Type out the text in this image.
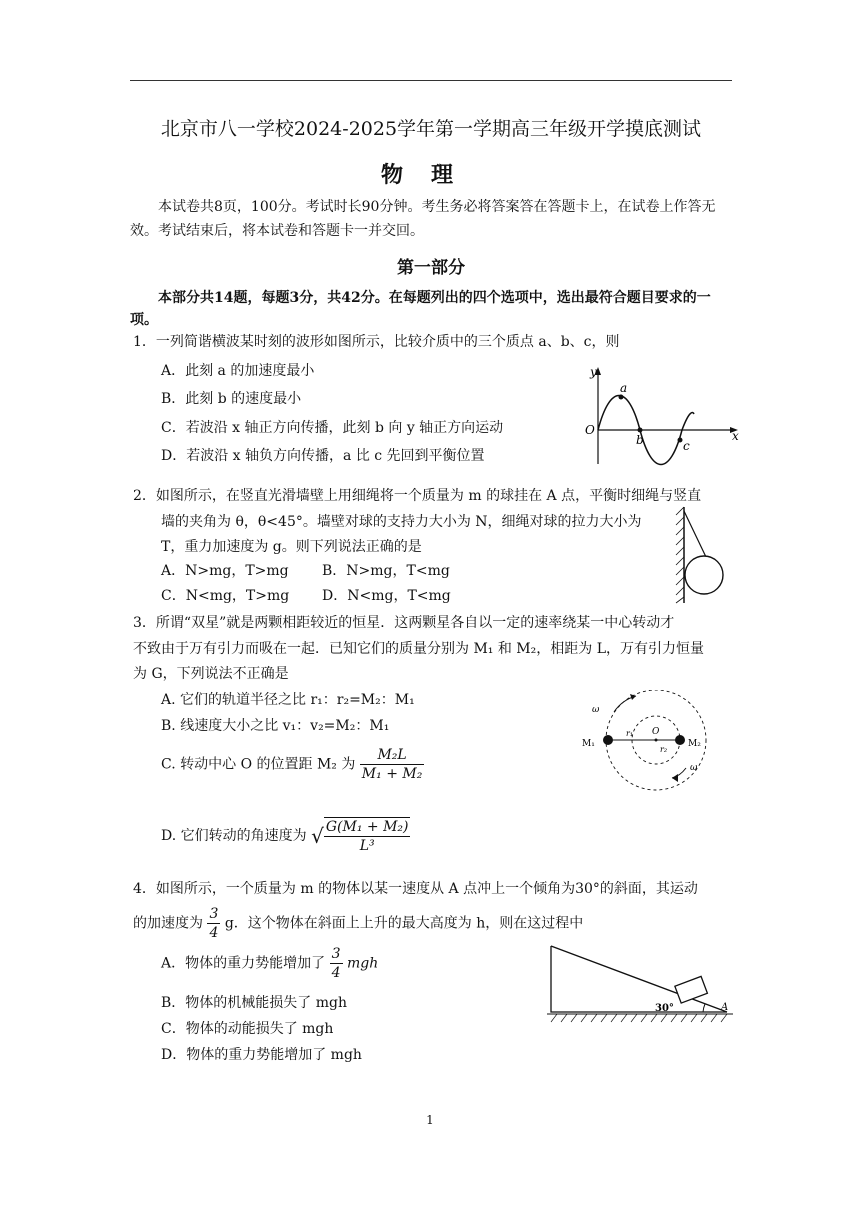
北京市八一学校2024-2025学年第一学期高三年级开学摸底测试
物理
本试卷共8页，100分。考试时长90分钟。考生务必将答案答在答题卡上，在试卷上作答无效。考试结束后，将本试卷和答题卡一并交回。
第一部分
本部分共14题，每题3分，共42分。在每题列出的四个选项中，选出最符合题目要求的一项。
1．一列简谐横波某时刻的波形如图所示，比较介质中的三个质点 a、b、c，则
A．此刻 a 的加速度最小
B．此刻 b 的速度最小
C．若波沿 x 轴正方向传播，此刻 b 向 y 轴正方向运动
D．若波沿 x 轴负方向传播，a 比 c 先回到平衡位置
y
x
O
a
b	c
2．如图所示，在竖直光滑墙壁上用细绳将一个质量为 m 的球挂在 A 点，平衡时细绳与竖直
墙的夹角为 θ，θ<45°。墙壁对球的支持力大小为 N，细绳对球的拉力大小为
T，重力加速度为 g。则下列说法正确的是
A．N>mg，T>mg B．N>mg，T<mg
C．N<mg，T>mg D．N<mg，T<mg
3．所谓“双星”就是两颗相距较近的恒星．这两颗星各自以一定的速率绕某一中心转动才
不致由于万有引力而吸在一起．已知它们的质量分别为 M₁ 和 M₂，相距为 L，万有引力恒量
为 G，下列说法不正确是
A. 它们的轨道半径之比 r₁：r₂=M₂：M₁
B. 线速度大小之比 v₁：v₂=M₂：M₁
C. 转动中心 O 的位置距 M₂ 为 $\frac{\text{M₂L}}{\text{M₁ + M₂}}$
D. 它们转动的角速度为 √ $\frac{\text{G(M₁ + M₂)}}{\text{L³}}$
ω
ω
M₁	M₂
r₁
r₂
O
4．如图所示，一个质量为 m 的物体以某一速度从 A 点冲上一个倾角为30°的斜面，其运动
的加速度为 $\frac{3}{4}$ g．这个物体在斜面上上升的最大高度为 h，则在这过程中
A．物体的重力势能增加了 $\frac{3}{4}$ mgh
B．物体的机械能损失了 mgh
C．物体的动能损失了 mgh
D．物体的重力势能增加了 mgh
30°	A
1
